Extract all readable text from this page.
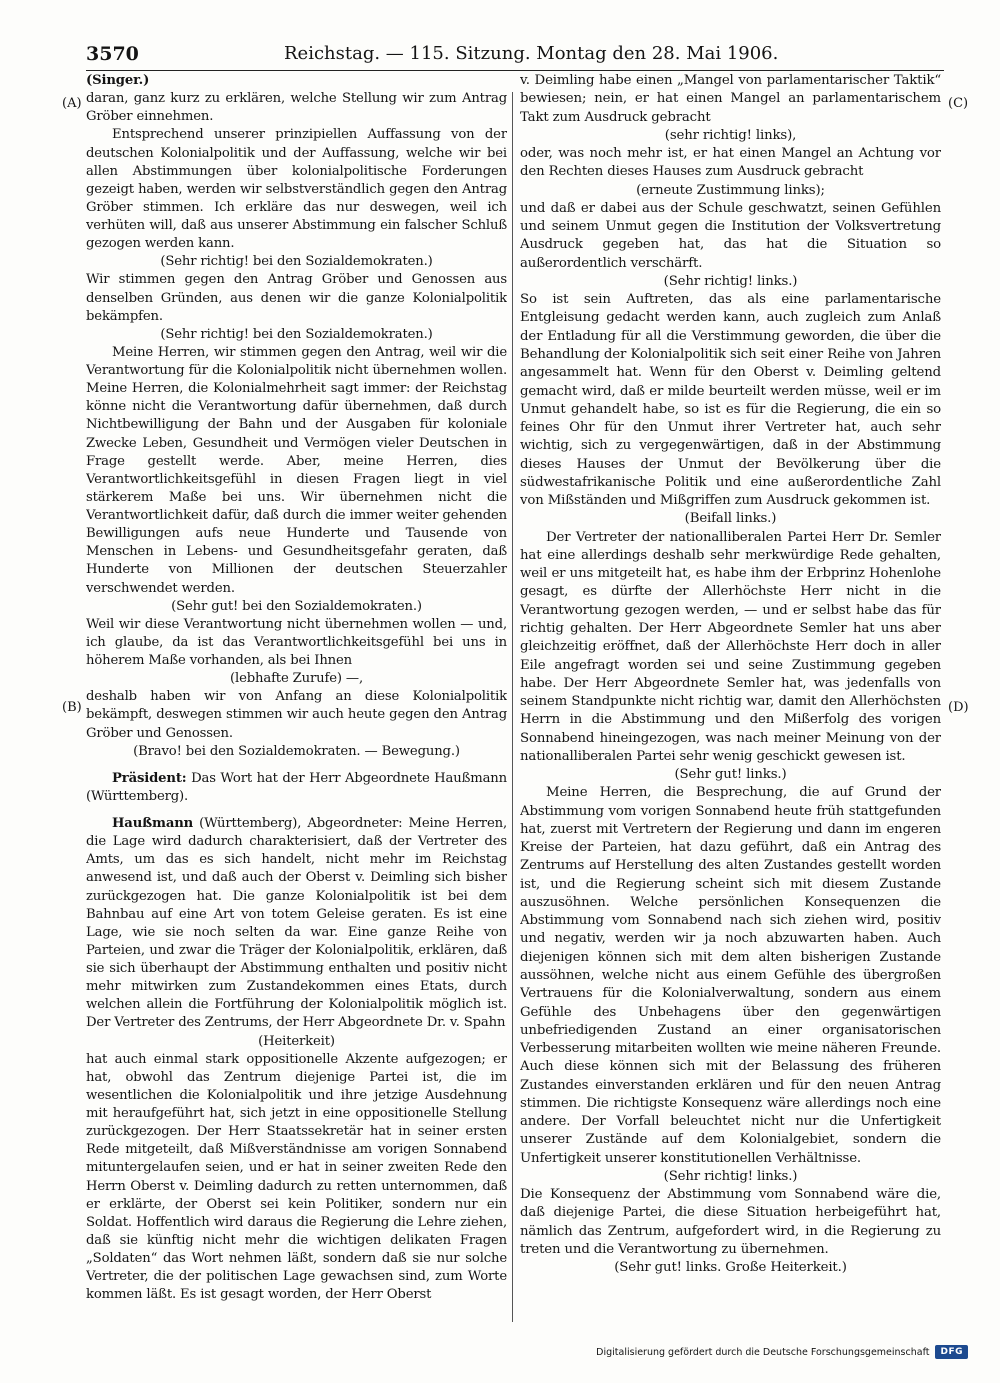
3570	Reichstag. — 115. Sitzung. Montag den 28. Mai 1906.
(A)
(B)
(C)
(D)

(Singer.)

daran, ganz kurz zu erklären, welche Stellung wir zum Antrag Gröber einnehmen.

Entsprechend unserer prinzipiellen Auffassung von der deutschen Kolonialpolitik und der Auffassung, welche wir bei allen Abstimmungen über kolonialpolitische Forderungen gezeigt haben, werden wir selbstverständlich gegen den Antrag Gröber stimmen. Ich erkläre das nur deswegen, weil ich verhüten will, daß aus unserer Abstimmung ein falscher Schluß gezogen werden kann.

(Sehr richtig! bei den Sozialdemokraten.)

Wir stimmen gegen den Antrag Gröber und Genossen aus denselben Gründen, aus denen wir die ganze Kolonialpolitik bekämpfen.

(Sehr richtig! bei den Sozialdemokraten.)

Meine Herren, wir stimmen gegen den Antrag, weil wir die Verantwortung für die Kolonialpolitik nicht übernehmen wollen. Meine Herren, die Kolonialmehrheit sagt immer: der Reichstag könne nicht die Verantwortung dafür übernehmen, daß durch Nichtbewilligung der Bahn und der Ausgaben für koloniale Zwecke Leben, Gesundheit und Vermögen vieler Deutschen in Frage gestellt werde. Aber, meine Herren, dies Verantwortlichkeitsgefühl in diesen Fragen liegt in viel stärkerem Maße bei uns. Wir übernehmen nicht die Verantwortlichkeit dafür, daß durch die immer weiter gehenden Bewilligungen aufs neue Hunderte und Tausende von Menschen in Lebens- und Gesundheitsgefahr geraten, daß Hunderte von Millionen der deutschen Steuerzahler verschwendet werden.

(Sehr gut! bei den Sozialdemokraten.)

Weil wir diese Verantwortung nicht übernehmen wollen — und, ich glaube, da ist das Verantwortlichkeitsgefühl bei uns in höherem Maße vorhanden, als bei Ihnen

(lebhafte Zurufe) —,

deshalb haben wir von Anfang an diese Kolonialpolitik bekämpft, deswegen stimmen wir auch heute gegen den Antrag Gröber und Genossen.

(Bravo! bei den Sozialdemokraten. — Bewegung.)

Präsident: Das Wort hat der Herr Abgeordnete Haußmann (Württemberg).

Haußmann (Württemberg), Abgeordneter: Meine Herren, die Lage wird dadurch charakterisiert, daß der Vertreter des Amts, um das es sich handelt, nicht mehr im Reichstag anwesend ist, und daß auch der Oberst v. Deimling sich bisher zurückgezogen hat. Die ganze Kolonialpolitik ist bei dem Bahnbau auf eine Art von totem Geleise geraten. Es ist eine Lage, wie sie noch selten da war. Eine ganze Reihe von Parteien, und zwar die Träger der Kolonialpolitik, erklären, daß sie sich überhaupt der Abstimmung enthalten und positiv nicht mehr mitwirken zum Zustandekommen eines Etats, durch welchen allein die Fortführung der Kolonialpolitik möglich ist. Der Vertreter des Zentrums, der Herr Abgeordnete Dr. v. Spahn

(Heiterkeit)

hat auch einmal stark oppositionelle Akzente aufgezogen; er hat, obwohl das Zentrum diejenige Partei ist, die im wesentlichen die Kolonialpolitik und ihre jetzige Ausdehnung mit heraufgeführt hat, sich jetzt in eine oppositionelle Stellung zurückgezogen. Der Herr Staatssekretär hat in seiner ersten Rede mitgeteilt, daß Mißverständnisse am vorigen Sonnabend mituntergelaufen seien, und er hat in seiner zweiten Rede den Herrn Oberst v. Deimling dadurch zu retten unternommen, daß er erklärte, der Oberst sei kein Politiker, sondern nur ein Soldat. Hoffentlich wird daraus die Regierung die Lehre ziehen, daß sie künftig nicht mehr die wichtigen delikaten Fragen „Soldaten“ das Wort nehmen läßt, sondern daß sie nur solche Vertreter, die der politischen Lage gewachsen sind, zum Worte kommen läßt. Es ist gesagt worden, der Herr Oberst

v. Deimling habe einen „Mangel von parlamentarischer Taktik“ bewiesen; nein, er hat einen Mangel an parlamentarischem Takt zum Ausdruck gebracht

(sehr richtig! links),

oder, was noch mehr ist, er hat einen Mangel an Achtung vor den Rechten dieses Hauses zum Ausdruck gebracht

(erneute Zustimmung links);

und daß er dabei aus der Schule geschwatzt, seinen Gefühlen und seinem Unmut gegen die Institution der Volksvertretung Ausdruck gegeben hat, das hat die Situation so außerordentlich verschärft.

(Sehr richtig! links.)

So ist sein Auftreten, das als eine parlamentarische Entgleisung gedacht werden kann, auch zugleich zum Anlaß der Entladung für all die Verstimmung geworden, die über die Behandlung der Kolonialpolitik sich seit einer Reihe von Jahren angesammelt hat. Wenn für den Oberst v. Deimling geltend gemacht wird, daß er milde beurteilt werden müsse, weil er im Unmut gehandelt habe, so ist es für die Regierung, die ein so feines Ohr für den Unmut ihrer Vertreter hat, auch sehr wichtig, sich zu vergegenwärtigen, daß in der Abstimmung dieses Hauses der Unmut der Bevölkerung über die südwestafrikanische Politik und eine außerordentliche Zahl von Mißständen und Mißgriffen zum Ausdruck gekommen ist.

(Beifall links.)

Der Vertreter der nationalliberalen Partei Herr Dr. Semler hat eine allerdings deshalb sehr merkwürdige Rede gehalten, weil er uns mitgeteilt hat, es habe ihm der Erbprinz Hohenlohe gesagt, es dürfte der Allerhöchste Herr nicht in die Verantwortung gezogen werden, — und er selbst habe das für richtig gehalten. Der Herr Abgeordnete Semler hat uns aber gleichzeitig eröffnet, daß der Allerhöchste Herr doch in aller Eile angefragt worden sei und seine Zustimmung gegeben habe. Der Herr Abgeordnete Semler hat, was jedenfalls von seinem Standpunkte nicht richtig war, damit den Allerhöchsten Herrn in die Abstimmung und den Mißerfolg des vorigen Sonnabend hineingezogen, was nach meiner Meinung von der nationalliberalen Partei sehr wenig geschickt gewesen ist.

(Sehr gut! links.)

Meine Herren, die Besprechung, die auf Grund der Abstimmung vom vorigen Sonnabend heute früh stattgefunden hat, zuerst mit Vertretern der Regierung und dann im engeren Kreise der Parteien, hat dazu geführt, daß ein Antrag des Zentrums auf Herstellung des alten Zustandes gestellt worden ist, und die Regierung scheint sich mit diesem Zustande auszusöhnen. Welche persönlichen Konsequenzen die Abstimmung vom Sonnabend nach sich ziehen wird, positiv und negativ, werden wir ja noch abzuwarten haben. Auch diejenigen können sich mit dem alten bisherigen Zustande aussöhnen, welche nicht aus einem Gefühle des übergroßen Vertrauens für die Kolonialverwaltung, sondern aus einem Gefühle des Unbehagens über den gegenwärtigen unbefriedigenden Zustand an einer organisatorischen Verbesserung mitarbeiten wollten wie meine näheren Freunde. Auch diese können sich mit der Belassung des früheren Zustandes einverstanden erklären und für den neuen Antrag stimmen. Die richtigste Konsequenz wäre allerdings noch eine andere. Der Vorfall beleuchtet nicht nur die Unfertigkeit unserer Zustände auf dem Kolonialgebiet, sondern die Unfertigkeit unserer konstitutionellen Verhältnisse.

(Sehr richtig! links.)

Die Konsequenz der Abstimmung vom Sonnabend wäre die, daß diejenige Partei, die diese Situation herbeigeführt hat, nämlich das Zentrum, aufgefordert wird, in die Regierung zu treten und die Verantwortung zu übernehmen.

(Sehr gut! links. Große Heiterkeit.)

Digitalisierung gefördert durch die Deutsche Forschungsgemeinschaft	DFG
